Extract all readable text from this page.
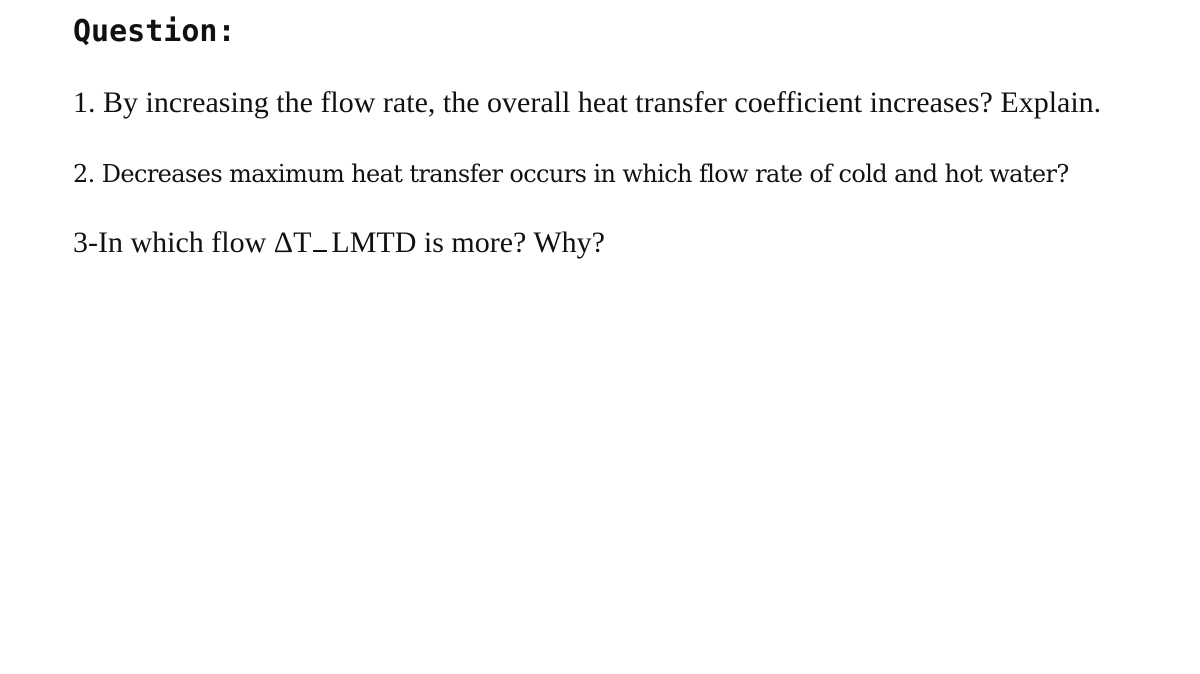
Question:

1. By increasing the flow rate, the overall heat transfer coefficient increases? Explain.

2. Decreases maximum heat transfer occurs in which flow rate of cold and hot water?

3-In which flow ΔT LMTD is more? Why?
